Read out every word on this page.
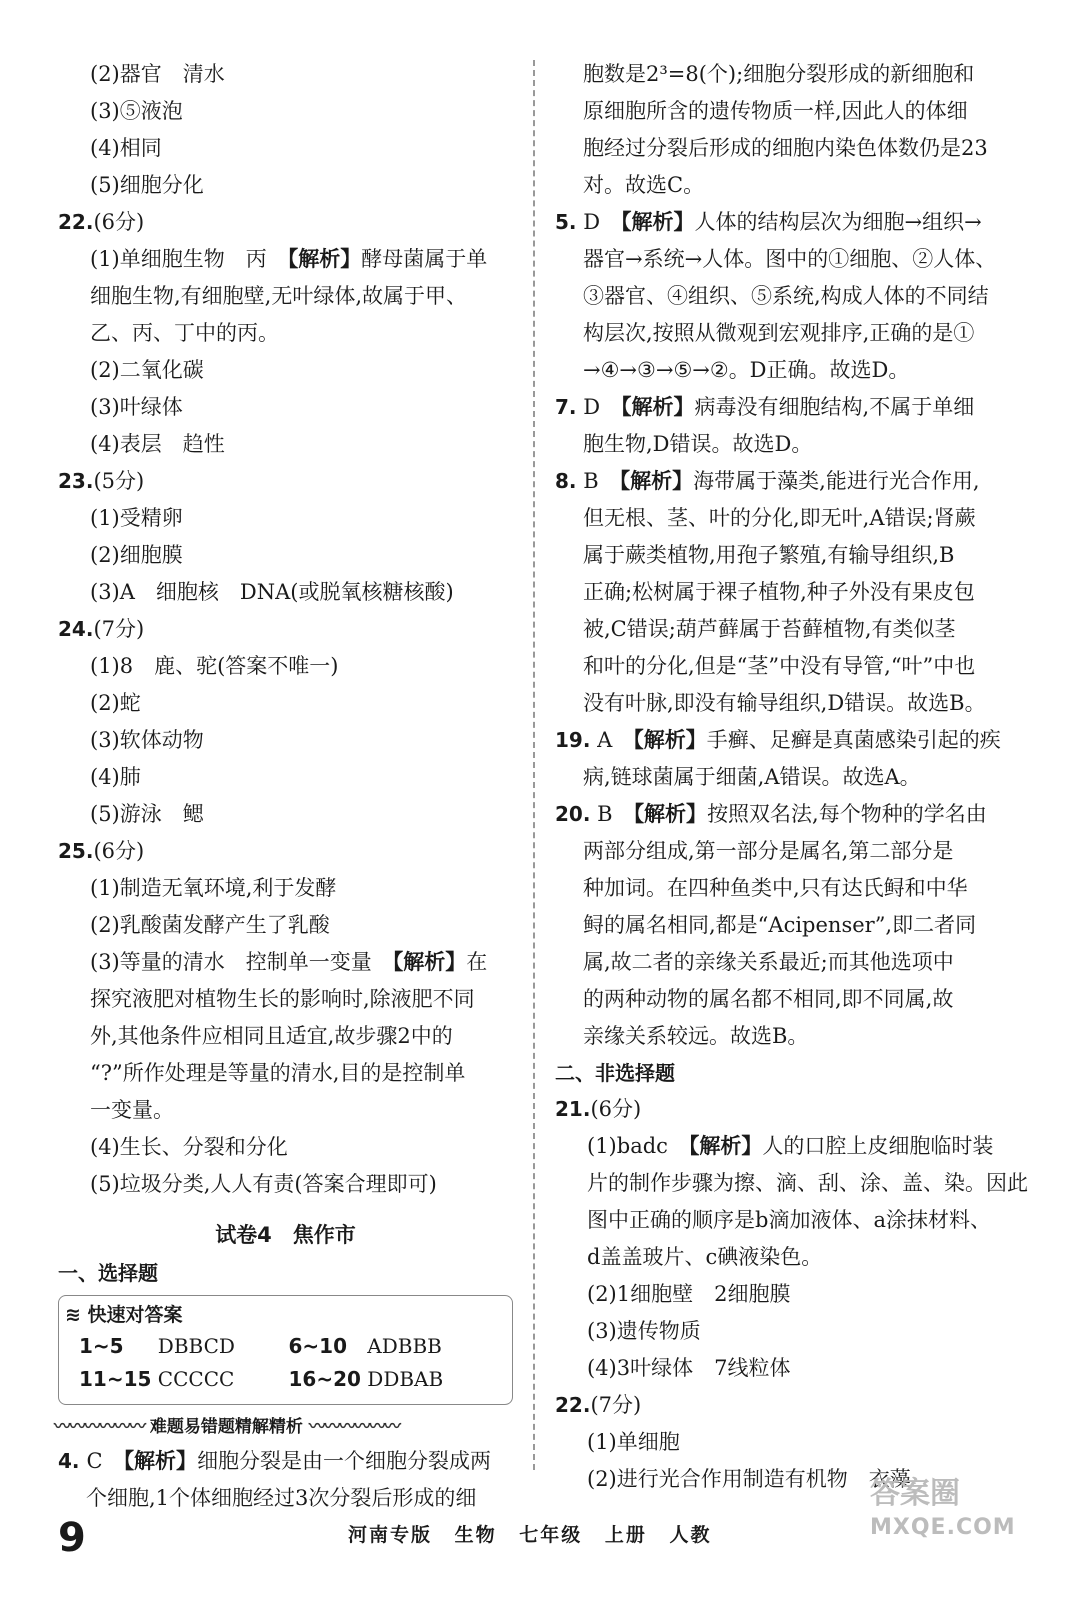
(2)器官　清水
(3)⑤液泡
(4)相同
(5)细胞分化
22.(6分)
(1)单细胞生物　丙　【解析】酵母菌属于单
细胞生物,有细胞壁,无叶绿体,故属于甲、
乙、丙、丁中的丙。
(2)二氧化碳
(3)叶绿体
(4)表层　趋性
23.(5分)
(1)受精卵
(2)细胞膜
(3)A　细胞核　DNA(或脱氧核糖核酸)
24.(7分)
(1)8　鹿、驼(答案不唯一)
(2)蛇
(3)软体动物
(4)肺
(5)游泳　鳃
25.(6分)
(1)制造无氧环境,利于发酵
(2)乳酸菌发酵产生了乳酸
(3)等量的清水　控制单一变量　【解析】在
探究液肥对植物生长的影响时,除液肥不同
外,其他条件应相同且适宜,故步骤2中的
“?”所作处理是等量的清水,目的是控制单
一变量。
(4)生长、分裂和分化
(5)垃圾分类,人人有责(答案合理即可)
试卷4　焦作市
一、选择题
≋ 快速对答案
1~5	DBBCD	6~10	ADBBB
11~15 CCCCC	16~20 DDBAB
〰〰〰〰〰〰 难题易错题精解精析 〰〰〰〰〰〰
4. C　【解析】细胞分裂是由一个细胞分裂成两
个细胞,1个体细胞经过3次分裂后形成的细
胞数是2³=8(个);细胞分裂形成的新细胞和
原细胞所含的遗传物质一样,因此人的体细
胞经过分裂后形成的细胞内染色体数仍是23
对。故选C。
5. D　【解析】人体的结构层次为细胞→组织→
器官→系统→人体。图中的①细胞、②人体、
③器官、④组织、⑤系统,构成人体的不同结
构层次,按照从微观到宏观排序,正确的是①
→④→③→⑤→②。D正确。故选D。
7. D　【解析】病毒没有细胞结构,不属于单细
胞生物,D错误。故选D。
8. B　【解析】海带属于藻类,能进行光合作用,
但无根、茎、叶的分化,即无叶,A错误;肾蕨
属于蕨类植物,用孢子繁殖,有输导组织,B
正确;松树属于裸子植物,种子外没有果皮包
被,C错误;葫芦藓属于苔藓植物,有类似茎
和叶的分化,但是“茎”中没有导管,“叶”中也
没有叶脉,即没有输导组织,D错误。故选B。
19. A　【解析】手癣、足癣是真菌感染引起的疾
病,链球菌属于细菌,A错误。故选A。
20. B　【解析】按照双名法,每个物种的学名由
两部分组成,第一部分是属名,第二部分是
种加词。在四种鱼类中,只有达氏鲟和中华
鲟的属名相同,都是“Acipenser”,即二者同
属,故二者的亲缘关系最近;而其他选项中
的两种动物的属名都不相同,即不同属,故
亲缘关系较远。故选B。
二、非选择题
21.(6分)
(1)badc　【解析】人的口腔上皮细胞临时装
片的制作步骤为擦、滴、刮、涂、盖、染。因此
图中正确的顺序是b滴加液体、a涂抹材料、
d盖盖玻片、c碘液染色。
(2)1细胞壁　2细胞膜
(3)遗传物质
(4)3叶绿体　7线粒体
22.(7分)
(1)单细胞
(2)进行光合作用制造有机物　衣藻
答案圈
MXQE.COM
9	河南专版 生物 七年级 上册 人教
